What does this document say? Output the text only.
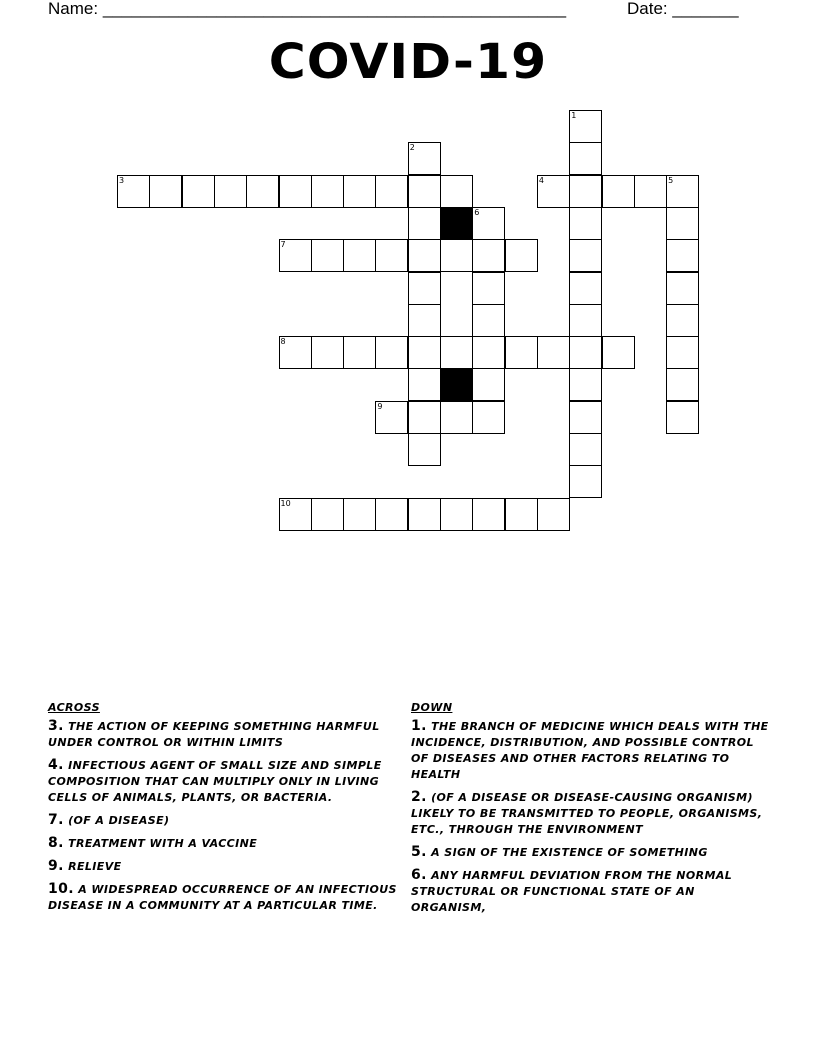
Name: _________________________________________________	Date: _______
COVID-19
1
2
3	4	5
6
7
8
9
10
ACROSS
3. THE ACTION OF KEEPING SOMETHING HARMFUL UNDER CONTROL OR WITHIN LIMITS
4. INFECTIOUS AGENT OF SMALL SIZE AND SIMPLE COMPOSITION THAT CAN MULTIPLY ONLY IN LIVING CELLS OF ANIMALS, PLANTS, OR BACTERIA.
7. (OF A DISEASE)
8. TREATMENT WITH A VACCINE
9. RELIEVE
10. A WIDESPREAD OCCURRENCE OF AN INFECTIOUS DISEASE IN A COMMUNITY AT A PARTICULAR TIME.
DOWN
1. THE BRANCH OF MEDICINE WHICH DEALS WITH THE INCIDENCE, DISTRIBUTION, AND POSSIBLE CONTROL OF DISEASES AND OTHER FACTORS RELATING TO HEALTH
2. (OF A DISEASE OR DISEASE-CAUSING ORGANISM) LIKELY TO BE TRANSMITTED TO PEOPLE, ORGANISMS, ETC., THROUGH THE ENVIRONMENT
5. A SIGN OF THE EXISTENCE OF SOMETHING
6. ANY HARMFUL DEVIATION FROM THE NORMAL STRUCTURAL OR FUNCTIONAL STATE OF AN ORGANISM,
